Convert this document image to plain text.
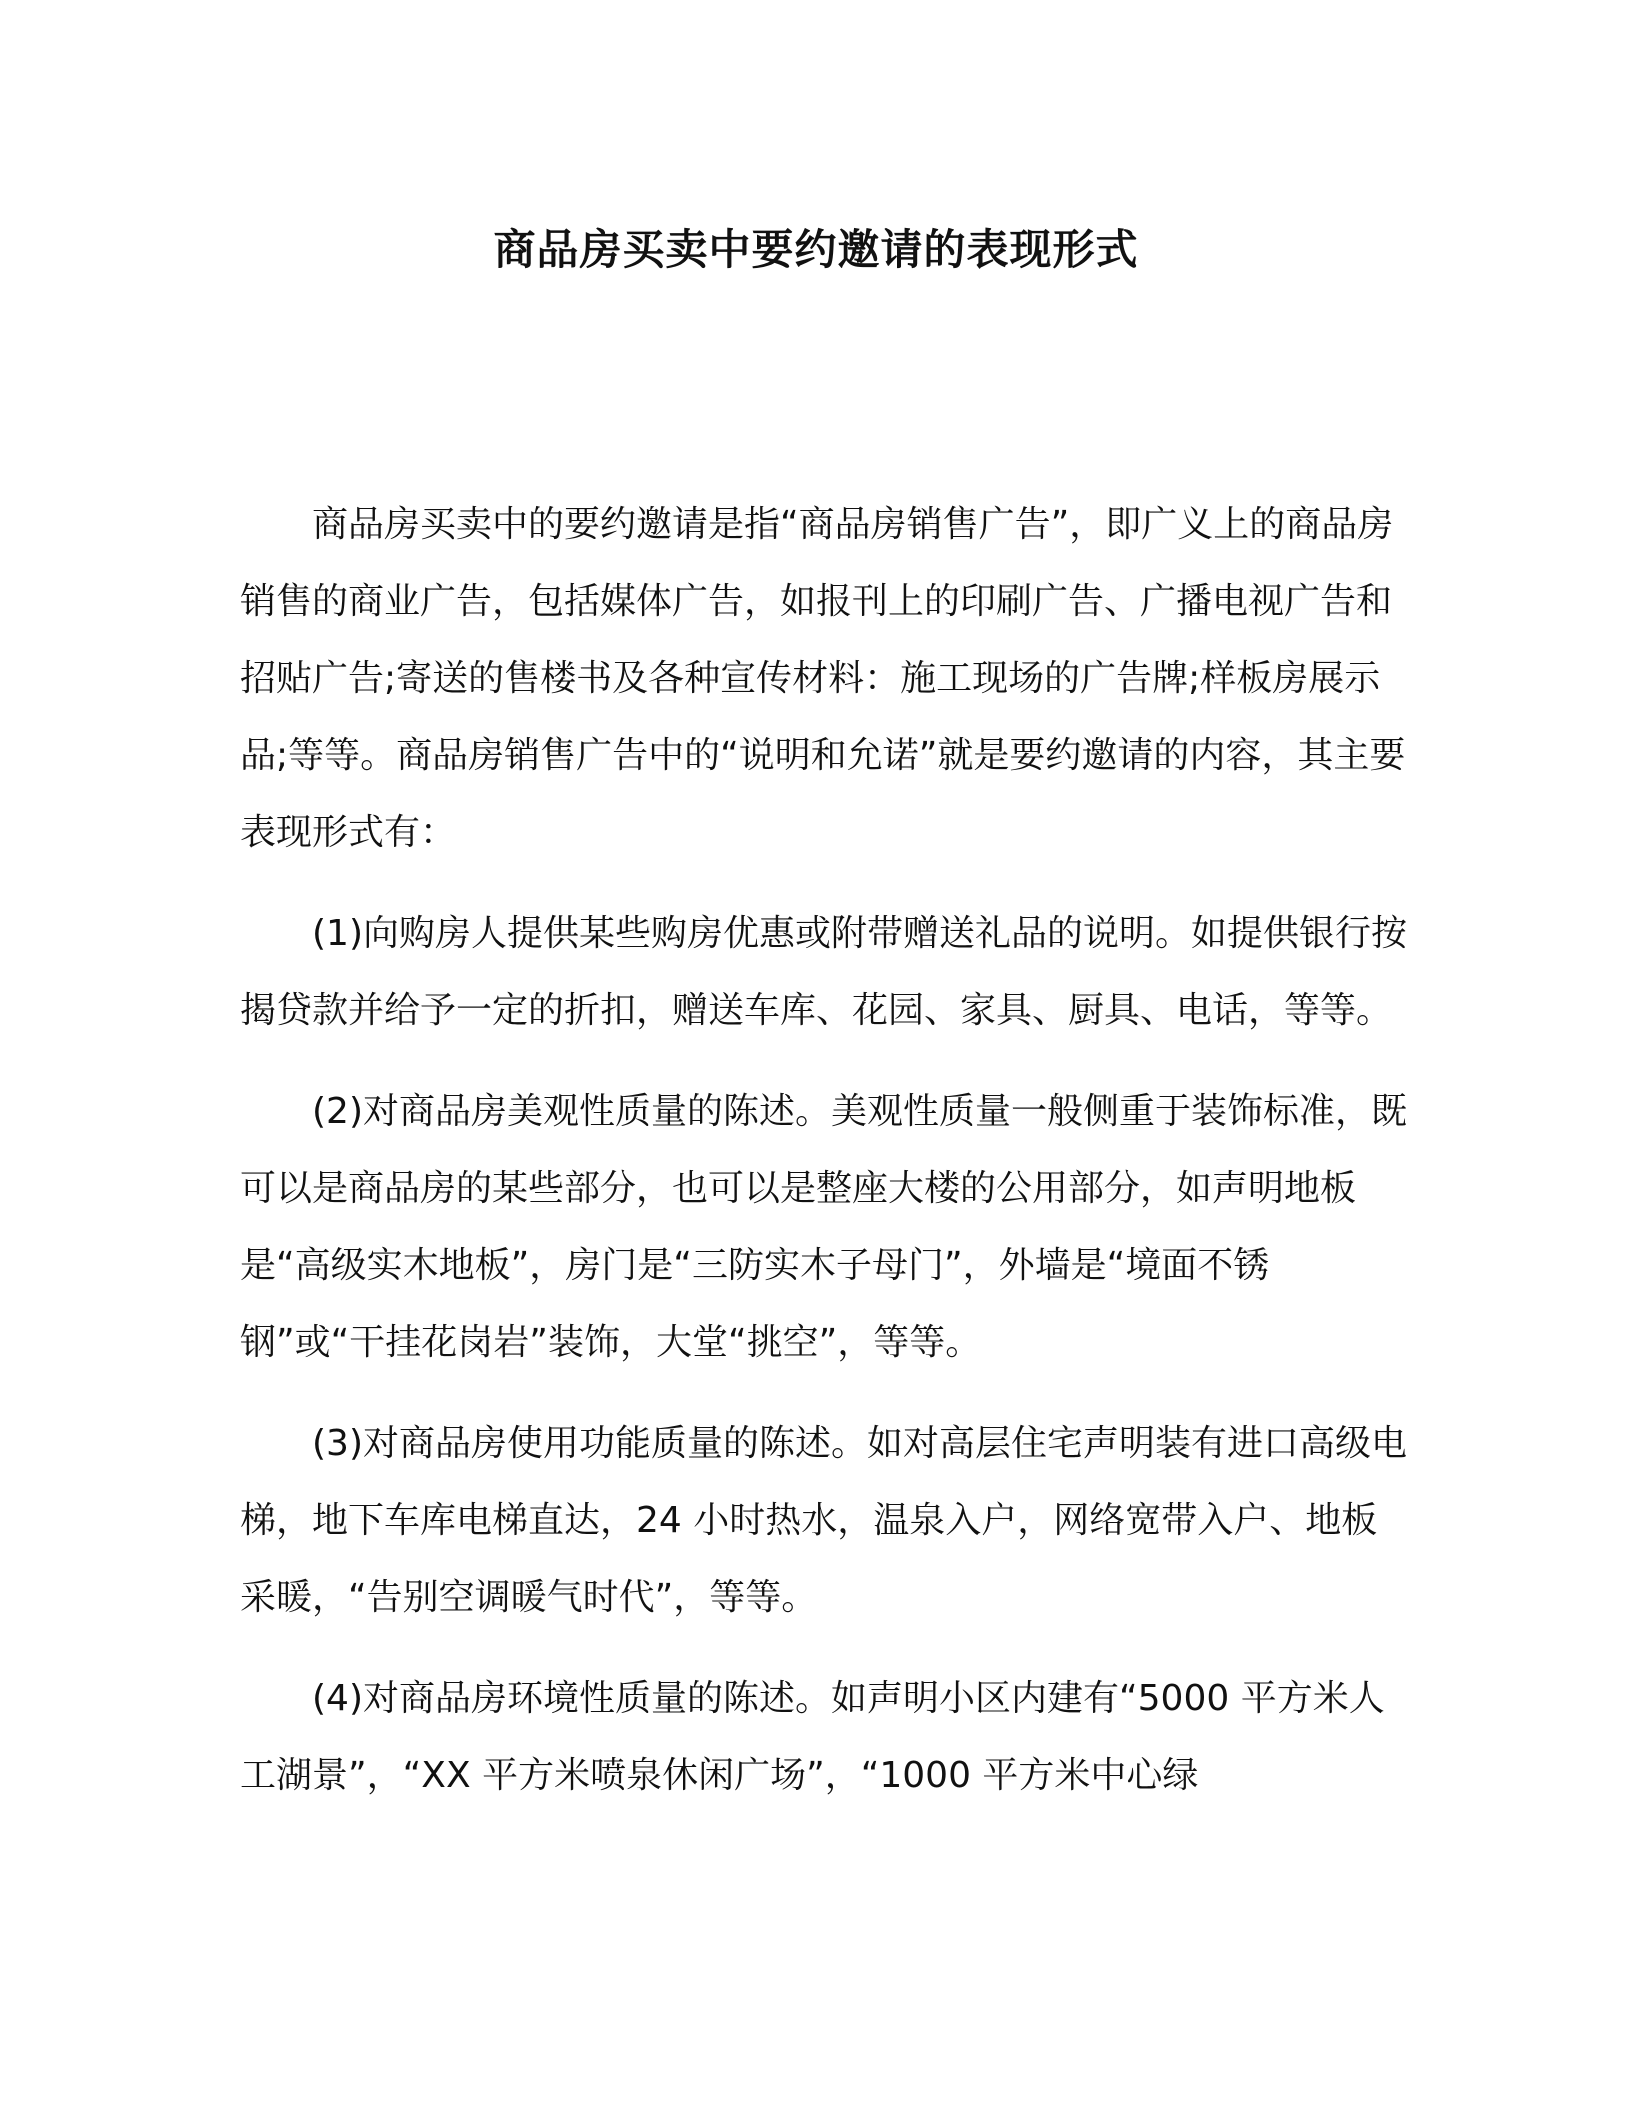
商品房买卖中要约邀请的表现形式

商品房买卖中的要约邀请是指“商品房销售广告”，即广义上的商品房销售的商业广告，包括媒体广告，如报刊上的印刷广告、广播电视广告和招贴广告;寄送的售楼书及各种宣传材料：施工现场的广告牌;样板房展示品;等等。商品房销售广告中的“说明和允诺”就是要约邀请的内容，其主要表现形式有：

(1)向购房人提供某些购房优惠或附带赠送礼品的说明。如提供银行按揭贷款并给予一定的折扣，赠送车库、花园、家具、厨具、电话，等等。

(2)对商品房美观性质量的陈述。美观性质量一般侧重于装饰标准，既可以是商品房的某些部分，也可以是整座大楼的公用部分，如声明地板是“高级实木地板”，房门是“三防实木子母门”，外墙是“境面不锈钢”或“干挂花岗岩”装饰，大堂“挑空”，等等。

(3)对商品房使用功能质量的陈述。如对高层住宅声明装有进口高级电梯，地下车库电梯直达，24 小时热水，温泉入户，网络宽带入户、地板采暖，“告别空调暖气时代”，等等。

(4)对商品房环境性质量的陈述。如声明小区内建有“5000 平方米人工湖景”，“XX 平方米喷泉休闲广场”，“1000 平方米中心绿
